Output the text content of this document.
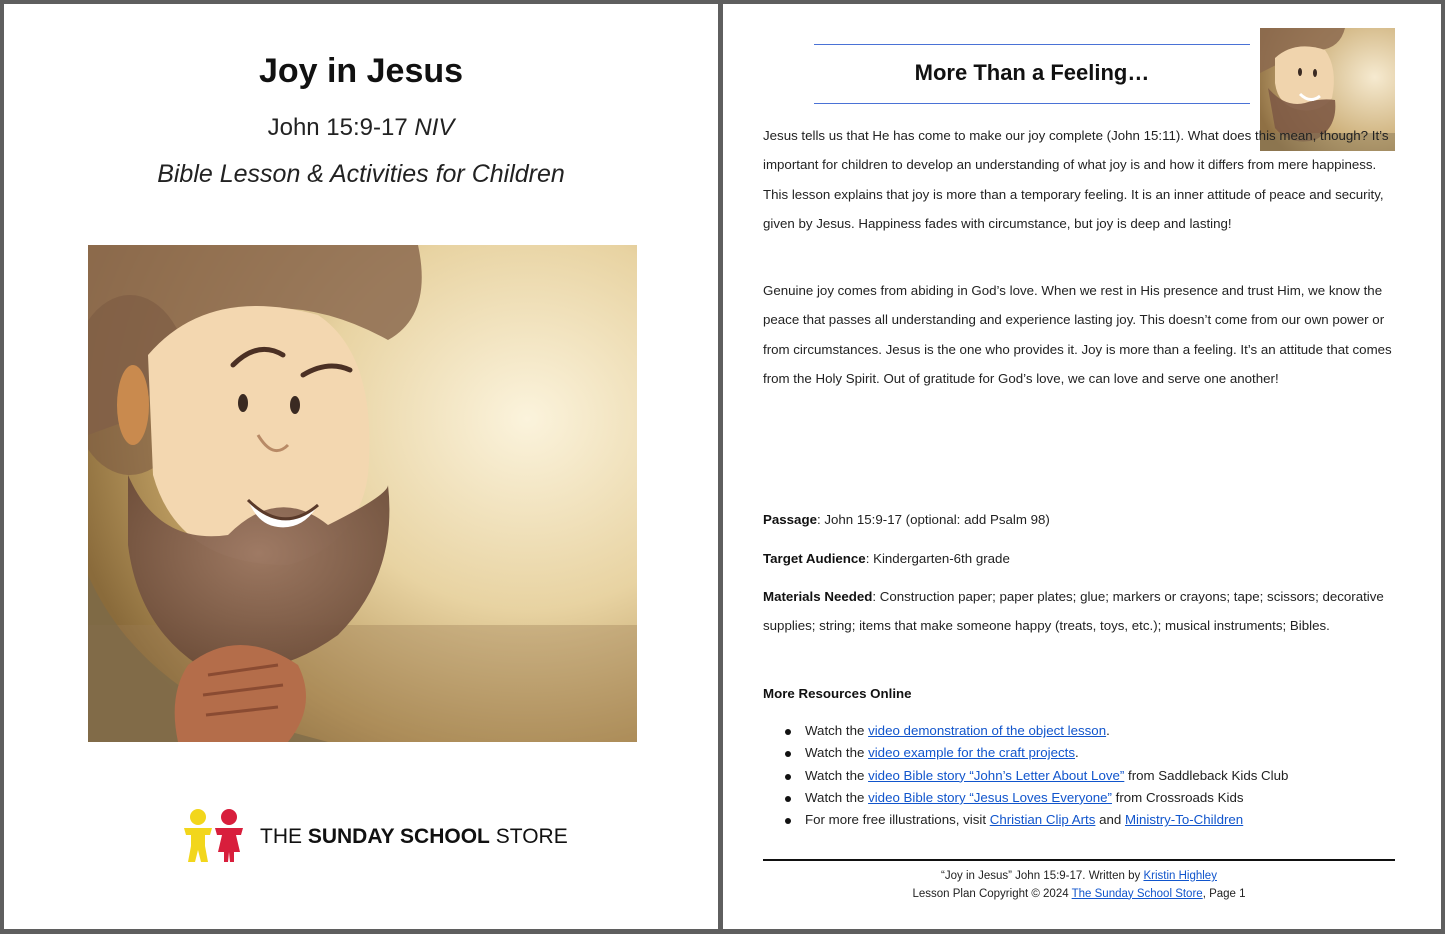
Joy in Jesus
John 15:9-17 NIV
Bible Lesson & Activities for Children
THE SUNDAY SCHOOL STORE
More Than a Feeling…

Jesus tells us that He has come to make our joy complete (John 15:11). What does this mean, though? It’s important for children to develop an understanding of what joy is and how it differs from mere happiness. This lesson explains that joy is more than a temporary feeling. It is an inner attitude of peace and security, given by Jesus. Happiness fades with circumstance, but joy is deep and lasting!

Genuine joy comes from abiding in God’s love. When we rest in His presence and trust Him, we know the peace that passes all understanding and experience lasting joy. This doesn’t come from our own power or from circumstances. Jesus is the one who provides it. Joy is more than a feeling. It’s an attitude that comes from the Holy Spirit. Out of gratitude for God’s love, we can love and serve one another!

Passage: John 15:9-17 (optional: add Psalm 98)

Target Audience: Kindergarten-6th grade

Materials Needed: Construction paper; paper plates; glue; markers or crayons; tape; scissors; decorative supplies; string; items that make someone happy (treats, toys, etc.); musical instruments; Bibles.

More Resources Online

Watch the video demonstration of the object lesson.
Watch the video example for the craft projects.
Watch the video Bible story “John’s Letter About Love” from Saddleback Kids Club
Watch the video Bible story “Jesus Loves Everyone” from Crossroads Kids
For more free illustrations, visit Christian Clip Arts and Ministry-To-Children
“Joy in Jesus” John 15:9-17. Written by Kristin Highley
Lesson Plan Copyright © 2024 The Sunday School Store, Page 1
